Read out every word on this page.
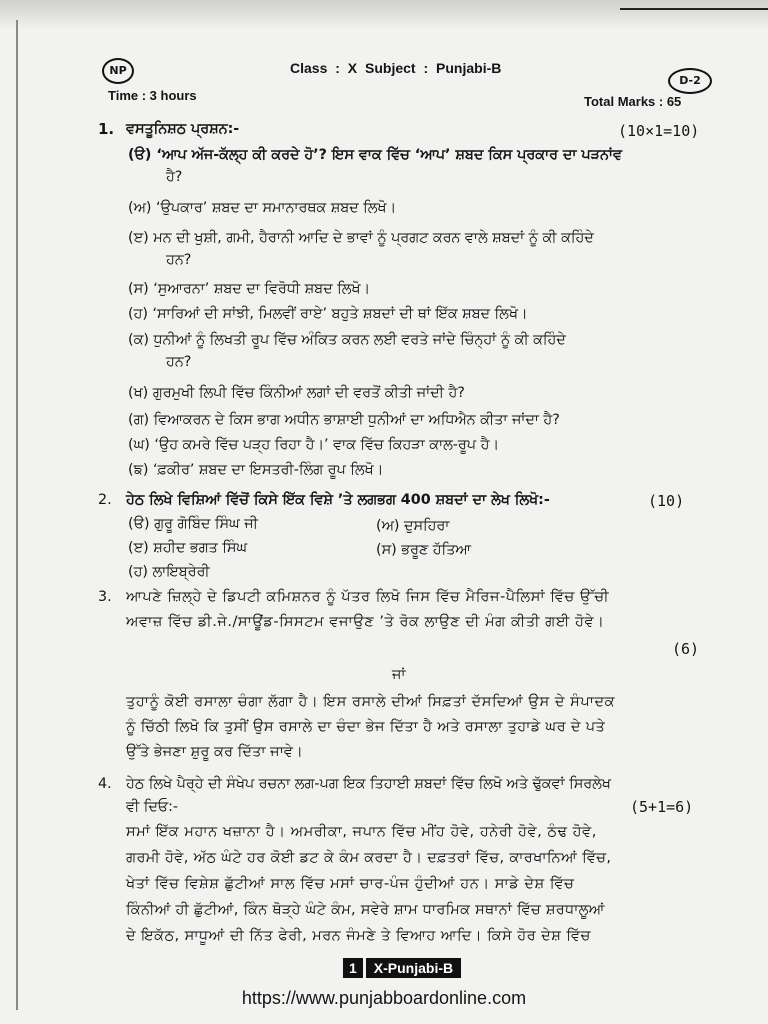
NP	Class : X Subject : Punjabi-B
D-2
Time : 3 hours	Total Marks : 65
1. ਵਸਤੂਨਿਸ਼ਠ ਪ੍ਰਸ਼ਨ:-	(10×1=10)
(ੳ) ‘ਆਪ ਅੱਜ-ਕੱਲ੍ਹ ਕੀ ਕਰਦੇ ਹੋ’? ਇਸ ਵਾਕ ਵਿੱਚ ‘ਆਪ’ ਸ਼ਬਦ ਕਿਸ ਪ੍ਰਕਾਰ ਦਾ ਪੜਨਾਂਵ
ਹੈ?
(ਅ) ‘ਉਪਕਾਰ’ ਸ਼ਬਦ ਦਾ ਸਮਾਨਾਰਥਕ ਸ਼ਬਦ ਲਿਖੋ।
(ੲ) ਮਨ ਦੀ ਖੁਸ਼ੀ, ਗਮੀ, ਹੈਰਾਨੀ ਆਦਿ ਦੇ ਭਾਵਾਂ ਨੂੰ ਪ੍ਰਗਟ ਕਰਨ ਵਾਲੇ ਸ਼ਬਦਾਂ ਨੂੰ ਕੀ ਕਹਿੰਦੇ
ਹਨ?
(ਸ) ‘ਸੁਆਰਨਾ’ ਸ਼ਬਦ ਦਾ ਵਿਰੋਧੀ ਸ਼ਬਦ ਲਿਖੋ।
(ਹ) ‘ਸਾਰਿਆਂ ਦੀ ਸਾਂਝੀ, ਮਿਲਵੀਂ ਰਾਏ’ ਬਹੁਤੇ ਸ਼ਬਦਾਂ ਦੀ ਥਾਂ ਇੱਕ ਸ਼ਬਦ ਲਿਖੋ।
(ਕ) ਧੁਨੀਆਂ ਨੂੰ ਲਿਖਤੀ ਰੂਪ ਵਿੱਚ ਅੰਕਿਤ ਕਰਨ ਲਈ ਵਰਤੇ ਜਾਂਦੇ ਚਿੰਨ੍ਹਾਂ ਨੂੰ ਕੀ ਕਹਿੰਦੇ
ਹਨ?
(ਖ) ਗੁਰਮੁਖੀ ਲਿਪੀ ਵਿੱਚ ਕਿੰਨੀਆਂ ਲਗਾਂ ਦੀ ਵਰਤੋਂ ਕੀਤੀ ਜਾਂਦੀ ਹੈ?
(ਗ) ਵਿਆਕਰਨ ਦੇ ਕਿਸ ਭਾਗ ਅਧੀਨ ਭਾਸ਼ਾਈ ਧੁਨੀਆਂ ਦਾ ਅਧਿਐਨ ਕੀਤਾ ਜਾਂਦਾ ਹੈ?
(ਘ) ‘ਉਹ ਕਮਰੇ ਵਿੱਚ ਪੜ੍ਹ ਰਿਹਾ ਹੈ।’ ਵਾਕ ਵਿੱਚ ਕਿਹੜਾ ਕਾਲ-ਰੂਪ ਹੈ।
(ਙ) ‘ਫ਼ਕੀਰ’ ਸ਼ਬਦ ਦਾ ਇਸਤਰੀ-ਲਿੰਗ ਰੂਪ ਲਿਖੋ।
2. ਹੇਠ ਲਿਖੇ ਵਿਸ਼ਿਆਂ ਵਿੱਚੋਂ ਕਿਸੇ ਇੱਕ ਵਿਸ਼ੇ ’ਤੇ ਲਗਭਗ 400 ਸ਼ਬਦਾਂ ਦਾ ਲੇਖ ਲਿਖੋ:-	(10)
(ੳ) ਗੁਰੂ ਗੋਬਿੰਦ ਸਿੰਘ ਜੀ	(ਅ) ਦੁਸਹਿਰਾ
(ੲ) ਸ਼ਹੀਦ ਭਗਤ ਸਿੰਘ	(ਸ) ਭਰੂਣ ਹੱਤਿਆ
(ਹ) ਲਾਇਬ੍ਰੇਰੀ
3. ਆਪਣੇ ਜ਼ਿਲ੍ਹੇ ਦੇ ਡਿਪਟੀ ਕਮਿਸ਼ਨਰ ਨੂੰ ਪੱਤਰ ਲਿਖੋ ਜਿਸ ਵਿੱਚ ਮੈਰਿਜ-ਪੈਲਿਸਾਂ ਵਿੱਚ ਉੱਚੀ
ਅਵਾਜ਼ ਵਿੱਚ ਡੀ.ਜੇ./ਸਾਊਂਡ-ਸਿਸਟਮ ਵਜਾਉਣ ’ਤੇ ਰੋਕ ਲਾਉਣ ਦੀ ਮੰਗ ਕੀਤੀ ਗਈ ਹੋਵੇ।
(6)
ਜਾਂ
ਤੁਹਾਨੂੰ ਕੋਈ ਰਸਾਲਾ ਚੰਗਾ ਲੱਗਾ ਹੈ। ਇਸ ਰਸਾਲੇ ਦੀਆਂ ਸਿਫ਼ਤਾਂ ਦੱਸਦਿਆਂ ਉਸ ਦੇ ਸੰਪਾਦਕ
ਨੂੰ ਚਿੱਠੀ ਲਿਖੋ ਕਿ ਤੁਸੀਂ ਉਸ ਰਸਾਲੇ ਦਾ ਚੰਦਾ ਭੇਜ ਦਿੱਤਾ ਹੈ ਅਤੇ ਰਸਾਲਾ ਤੁਹਾਡੇ ਘਰ ਦੇ ਪਤੇ
ਉੱਤੇ ਭੇਜਣਾ ਸ਼ੁਰੂ ਕਰ ਦਿੱਤਾ ਜਾਵੇ।
4. ਹੇਠ ਲਿਖੇ ਪੈਰ੍ਹੇ ਦੀ ਸੰਖੇਪ ਰਚਨਾ ਲਗ-ਪਗ ਇਕ ਤਿਹਾਈ ਸ਼ਬਦਾਂ ਵਿੱਚ ਲਿਖੋ ਅਤੇ ਢੁੱਕਵਾਂ ਸਿਰਲੇਖ
ਵੀ ਦਿਓ:-	(5+1=6)
ਸਮਾਂ ਇੱਕ ਮਹਾਨ ਖਜ਼ਾਨਾ ਹੈ। ਅਮਰੀਕਾ, ਜਪਾਨ ਵਿੱਚ ਮੀਂਹ ਹੋਵੇ, ਹਨੇਰੀ ਹੋਵੇ, ਠੰਢ ਹੋਵੇ,
ਗਰਮੀ ਹੋਵੇ, ਅੱਠ ਘੰਟੇ ਹਰ ਕੋਈ ਡਟ ਕੇ ਕੰਮ ਕਰਦਾ ਹੈ। ਦਫ਼ਤਰਾਂ ਵਿੱਚ, ਕਾਰਖਾਨਿਆਂ ਵਿੱਚ,
ਖੇਤਾਂ ਵਿੱਚ ਵਿਸ਼ੇਸ਼ ਛੁੱਟੀਆਂ ਸਾਲ ਵਿੱਚ ਮਸਾਂ ਚਾਰ-ਪੰਜ ਹੁੰਦੀਆਂ ਹਨ। ਸਾਡੇ ਦੇਸ਼ ਵਿੱਚ
ਕਿੰਨੀਆਂ ਹੀ ਛੁੱਟੀਆਂ, ਕਿੰਨ ਥੋੜ੍ਹੇ ਘੰਟੇ ਕੰਮ, ਸਵੇਰੇ ਸ਼ਾਮ ਧਾਰਮਿਕ ਸਥਾਨਾਂ ਵਿੱਚ ਸ਼ਰਧਾਲੂਆਂ
ਦੇ ਇਕੱਠ, ਸਾਧੂਆਂ ਦੀ ਨਿੱਤ ਫੇਰੀ, ਮਰਨ ਜੰਮਣੇ ਤੇ ਵਿਆਹ ਆਦਿ। ਕਿਸੇ ਹੋਰ ਦੇਸ਼ ਵਿੱਚ
1	X-Punjabi-B
https://www.punjabboardonline.com
